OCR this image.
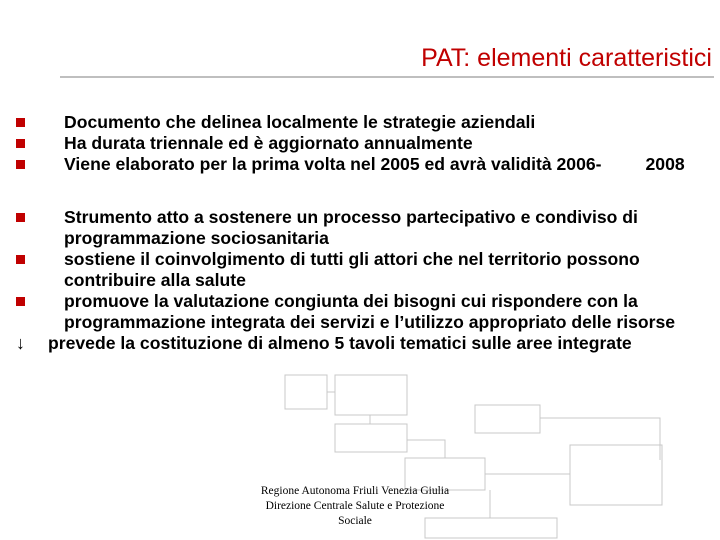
PAT: elementi caratteristici
Documento che delinea localmente le strategie aziendali
Ha durata triennale ed è aggiornato annualmente
Viene elaborato per la prima volta nel 2005 ed avrà validità 2006-         2008
Strumento atto a sostenere un processo partecipativo e condiviso di programmazione sociosanitaria
sostiene il coinvolgimento di tutti gli attori che nel territorio possono contribuire alla salute
promuove la valutazione congiunta dei bisogni cui rispondere con la programmazione integrata dei servizi e l’utilizzo appropriato delle risorse
↓ prevede la costituzione di almeno 5 tavoli tematici sulle aree integrate
Regione Autonoma Friuli Venezia Giulia
Direzione Centrale Salute e Protezione
Sociale
